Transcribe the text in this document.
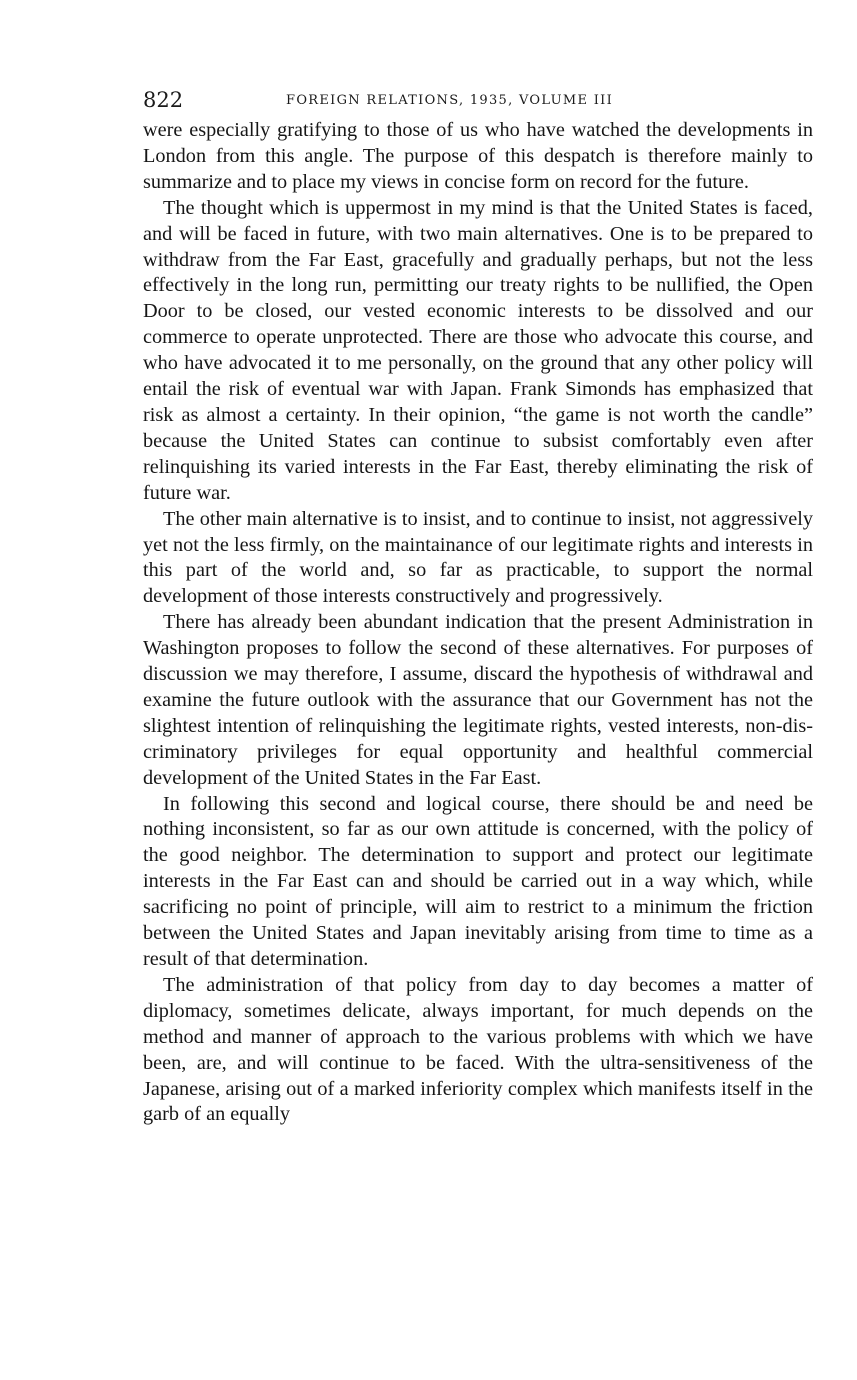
822	FOREIGN RELATIONS, 1935, VOLUME III

were especially gratifying to those of us who have watched the developments in London from this angle. The purpose of this despatch is therefore mainly to summarize and to place my views in concise form on record for the future.

The thought which is uppermost in my mind is that the United States is faced, and will be faced in future, with two main alternatives. One is to be prepared to withdraw from the Far East, gracefully and gradually perhaps, but not the less effectively in the long run, permitting our treaty rights to be nullified, the Open Door to be closed, our vested economic interests to be dissolved and our commerce to operate unprotected. There are those who advocate this course, and who have advocated it to me personally, on the ground that any other policy will entail the risk of eventual war with Japan. Frank Simonds has emphasized that risk as almost a certainty. In their opinion, “the game is not worth the candle” because the United States can continue to subsist comfortably even after relinquishing its varied interests in the Far East, thereby eliminating the risk of future war.

The other main alternative is to insist, and to continue to insist, not aggressively yet not the less firmly, on the maintainance of our legitimate rights and interests in this part of the world and, so far as practicable, to support the normal development of those interests constructively and progressively.

There has already been abundant indication that the present Administration in Washington proposes to follow the second of these alternatives. For purposes of discussion we may therefore, I assume, discard the hypothesis of withdrawal and examine the future outlook with the assurance that our Government has not the slightest intention of relinquishing the legitimate rights, vested interests, non-discriminatory privileges for equal opportunity and healthful commercial development of the United States in the Far East.

In following this second and logical course, there should be and need be nothing inconsistent, so far as our own attitude is concerned, with the policy of the good neighbor. The determination to support and protect our legitimate interests in the Far East can and should be carried out in a way which, while sacrificing no point of principle, will aim to restrict to a minimum the friction between the United States and Japan inevitably arising from time to time as a result of that determination.

The administration of that policy from day to day becomes a matter of diplomacy, sometimes delicate, always important, for much depends on the method and manner of approach to the various problems with which we have been, are, and will continue to be faced. With the ultra-sensitiveness of the Japanese, arising out of a marked inferiority complex which manifests itself in the garb of an equally
